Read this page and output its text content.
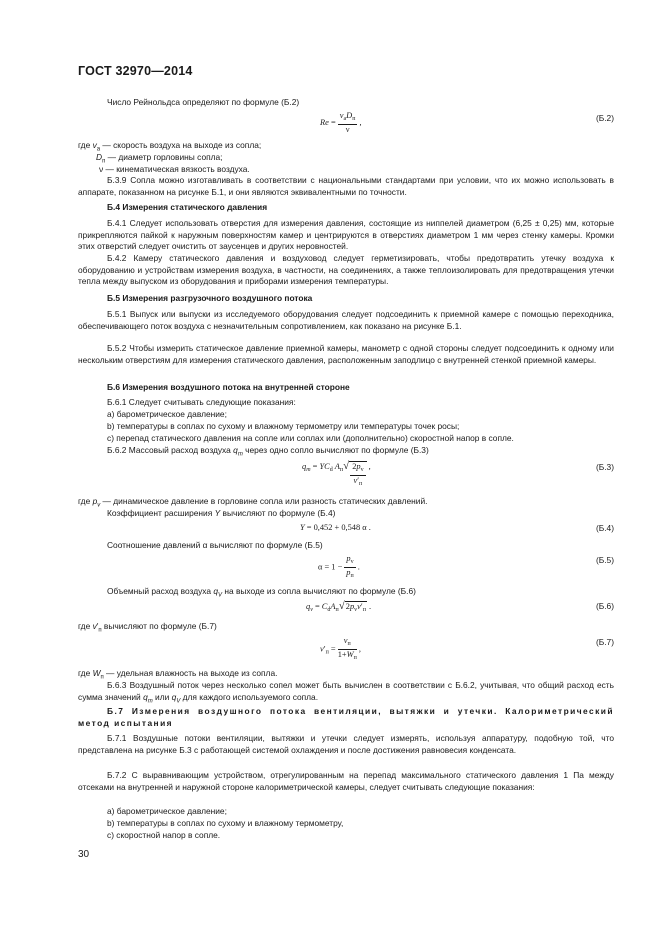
ГОСТ 32970—2014

Число Рейнольдса определяют по формуле (Б.2)

$Re = \frac{v_аD_п}{\nu}$ ,	(Б.2)

где $v_а$ — скорость воздуха на выходе из сопла;

$D_п$ — диаметр горловины сопла;

ν — кинематическая вязкость воздуха.

Б.3.9 Сопла можно изготавливать в соответствии с национальными стандартами при условии, что их можно использовать в аппарате, показанном на рисунке Б.1, и они являются эквивалентными по точности.

Б.4 Измерения статического давления

Б.4.1 Следует использовать отверстия для измерения давления, состоящие из ниппелей диаметром (6,25 ± 0,25) мм, которые прикрепляются пайкой к наружным поверхностям камер и центрируются в отверстиях диаметром 1 мм через стенку камеры. Кромки этих отверстий следует очистить от заусенцев и других неровностей.

Б.4.2 Камеру статического давления и воздуховод следует герметизировать, чтобы предотвратить утечку воздуха к оборудованию и устройствам измерения воздуха, в частности, на соединениях, а также теплоизолировать для предотвращения утечки тепла между выпуском из оборудования и приборами измерения температуры.

Б.5 Измерения разгрузочного воздушного потока

Б.5.1 Выпуск или выпуски из исследуемого оборудования следует подсоединить к приемной камере с помощью переходника, обеспечивающего поток воздуха с незначительным сопротивлением, как показано на рисунке Б.1.

Б.5.2 Чтобы измерить статическое давление приемной камеры, манометр с одной стороны следует подсоединить к одному или нескольким отверстиям для измерения статического давления, расположенным заподлицо с внутренней стенкой приемной камеры.

Б.6 Измерения воздушного потока на внутренней стороне

Б.6.1 Следует считывать следующие показания:

a) барометрическое давление;

b) температуры в соплах по сухому и влажному термометру или температуры точек росы;

c) перепад статического давления на сопле или соплах или (дополнительно) скоростной напор в сопле.

Б.6.2 Массовый расход воздуха $q_m$ через одно сопло вычисляют по формуле (Б.3)

$q_m = YC_d$ $A_п√ \frac{2p_v}{v'_п}$ ,	(Б.3)

где $p_v$ — динамическое давление в горловине сопла или разность статических давлений.

Коэффициент расширения Y вычисляют по формуле (Б.4)

Y = 0,452 + 0,548 α .	(Б.4)

Соотношение давлений α вычисляют по формуле (Б.5)

$\alpha = 1 - \frac{p_v}{p_п}$ .
(Б.5)

Объемный расход воздуха $q_V$ на выходе из сопла вычисляют по формуле (Б.6)

$q_v = C_dA_п√2p_vv'_п$ .	(Б.6)

где $v'_п$ вычисляют по формуле (Б.7)

$v'_п = \frac{v_п}{1+W_п}$ ,
(Б.7)

где $W_п$ — удельная влажность на выходе из сопла.

Б.6.3 Воздушный поток через несколько сопел может быть вычислен в соответствии с Б.6.2, учитывая, что общий расход есть сумма значений $q_m$ или $q_V$ для каждого используемого сопла.

Б.7 Измерения воздушного потока вентиляции, вытяжки и утечки. Калориметрический метод испытания

Б.7.1 Воздушные потоки вентиляции, вытяжки и утечки следует измерять, используя аппаратуру, подобную той, что представлена на рисунке Б.3 с работающей системой охлаждения и после достижения равновесия конденсата.

Б.7.2 С выравнивающим устройством, отрегулированным на перепад максимального статического давления 1 Па между отсеками на внутренней и наружной стороне калориметрической камеры, следует считывать следующие показания:

a) барометрическое давление;

b) температуры в соплах по сухому и влажному термометру,

c) скоростной напор в сопле.

30
